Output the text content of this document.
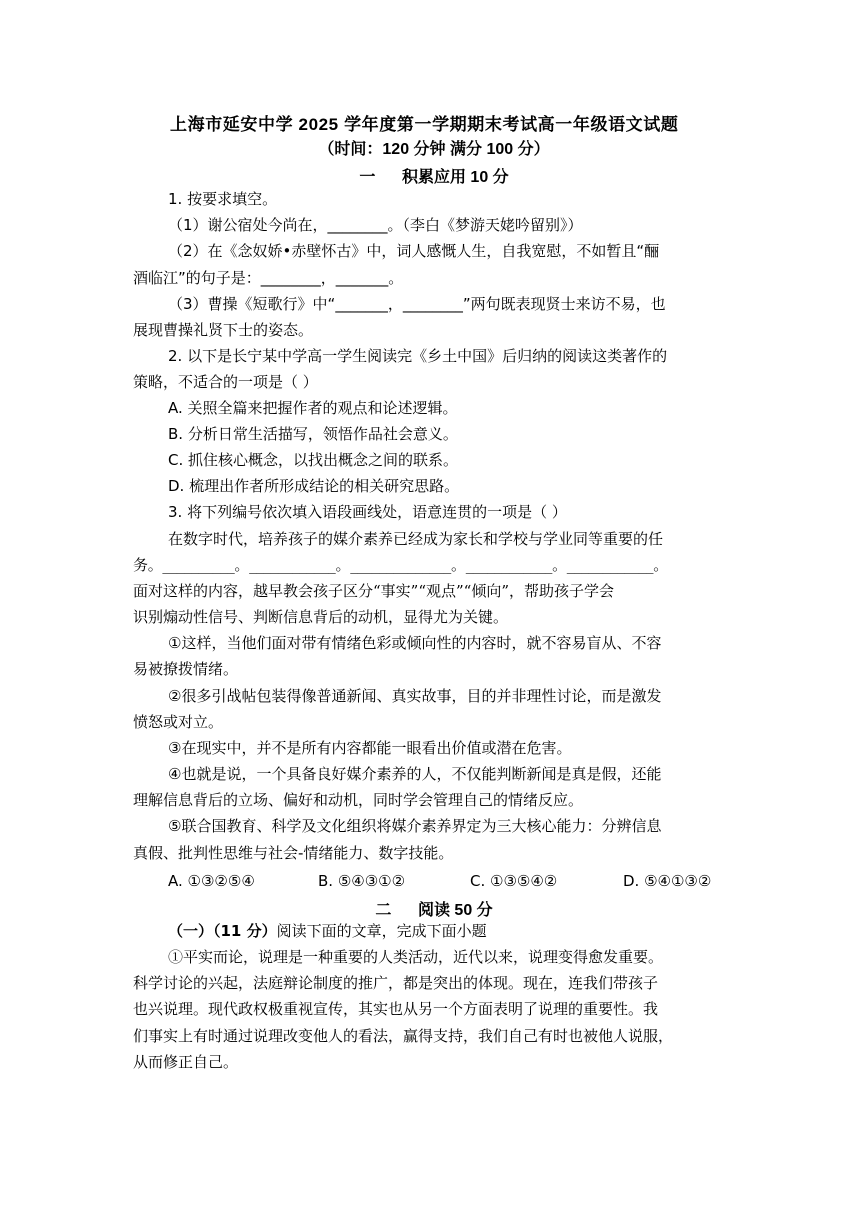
上海市延安中学 2025 学年度第一学期期末考试高一年级语文试题
（时间：120 分钟 满分 100 分）
一      积累应用 10 分
1. 按要求填空。
（1）谢公宿处今尚在，________。（李白《梦游天姥吟留别》）
（2）在《念奴娇•赤壁怀古》中，词人感慨人生，自我宽慰，不如暂且“酾
酒临江”的句子是：________，_______。
（3）曹操《短歌行》中“_______，________”两句既表现贤士来访不易，也
展现曹操礼贤下士的姿态。
2. 以下是长宁某中学高一学生阅读完《乡土中国》后归纳的阅读这类著作的
策略，不适合的一项是（ ）
A. 关照全篇来把握作者的观点和论述逻辑。
B. 分析日常生活描写，领悟作品社会意义。
C. 抓住核心概念，以找出概念之间的联系。
D. 梳理出作者所形成结论的相关研究思路。
3. 将下列编号依次填入语段画线处，语意连贯的一项是（ ）
在数字时代，培养孩子的媒介素养已经成为家长和学校与学业同等重要的任
务。__________。____________。______________。____________。____________。
面对这样的内容，越早教会孩子区分“事实”“观点”“倾向”，帮助孩子学会
识别煽动性信号、判断信息背后的动机，显得尤为关键。
①这样，当他们面对带有情绪色彩或倾向性的内容时，就不容易盲从、不容
易被撩拨情绪。
②很多引战帖包装得像普通新闻、真实故事，目的并非理性讨论，而是激发
愤怒或对立。
③在现实中，并不是所有内容都能一眼看出价值或潜在危害。
④也就是说，一个具备良好媒介素养的人，不仅能判断新闻是真是假，还能
理解信息背后的立场、偏好和动机，同时学会管理自己的情绪反应。
⑤联合国教育、科学及文化组织将媒介素养界定为三大核心能力：分辨信息
真假、批判性思维与社会-情绪能力、数字技能。
A. ①③②⑤④	B. ⑤④③①②	C. ①③⑤④②	D. ⑤④①③②
二      阅读 50 分
（一）（11 分）阅读下面的文章，完成下面小题
①平实而论，说理是一种重要的人类活动，近代以来，说理变得愈发重要。
科学讨论的兴起，法庭辩论制度的推广，都是突出的体现。现在，连我们带孩子
也兴说理。现代政权极重视宣传，其实也从另一个方面表明了说理的重要性。我
们事实上有时通过说理改变他人的看法，赢得支持，我们自己有时也被他人说服，
从而修正自己。
